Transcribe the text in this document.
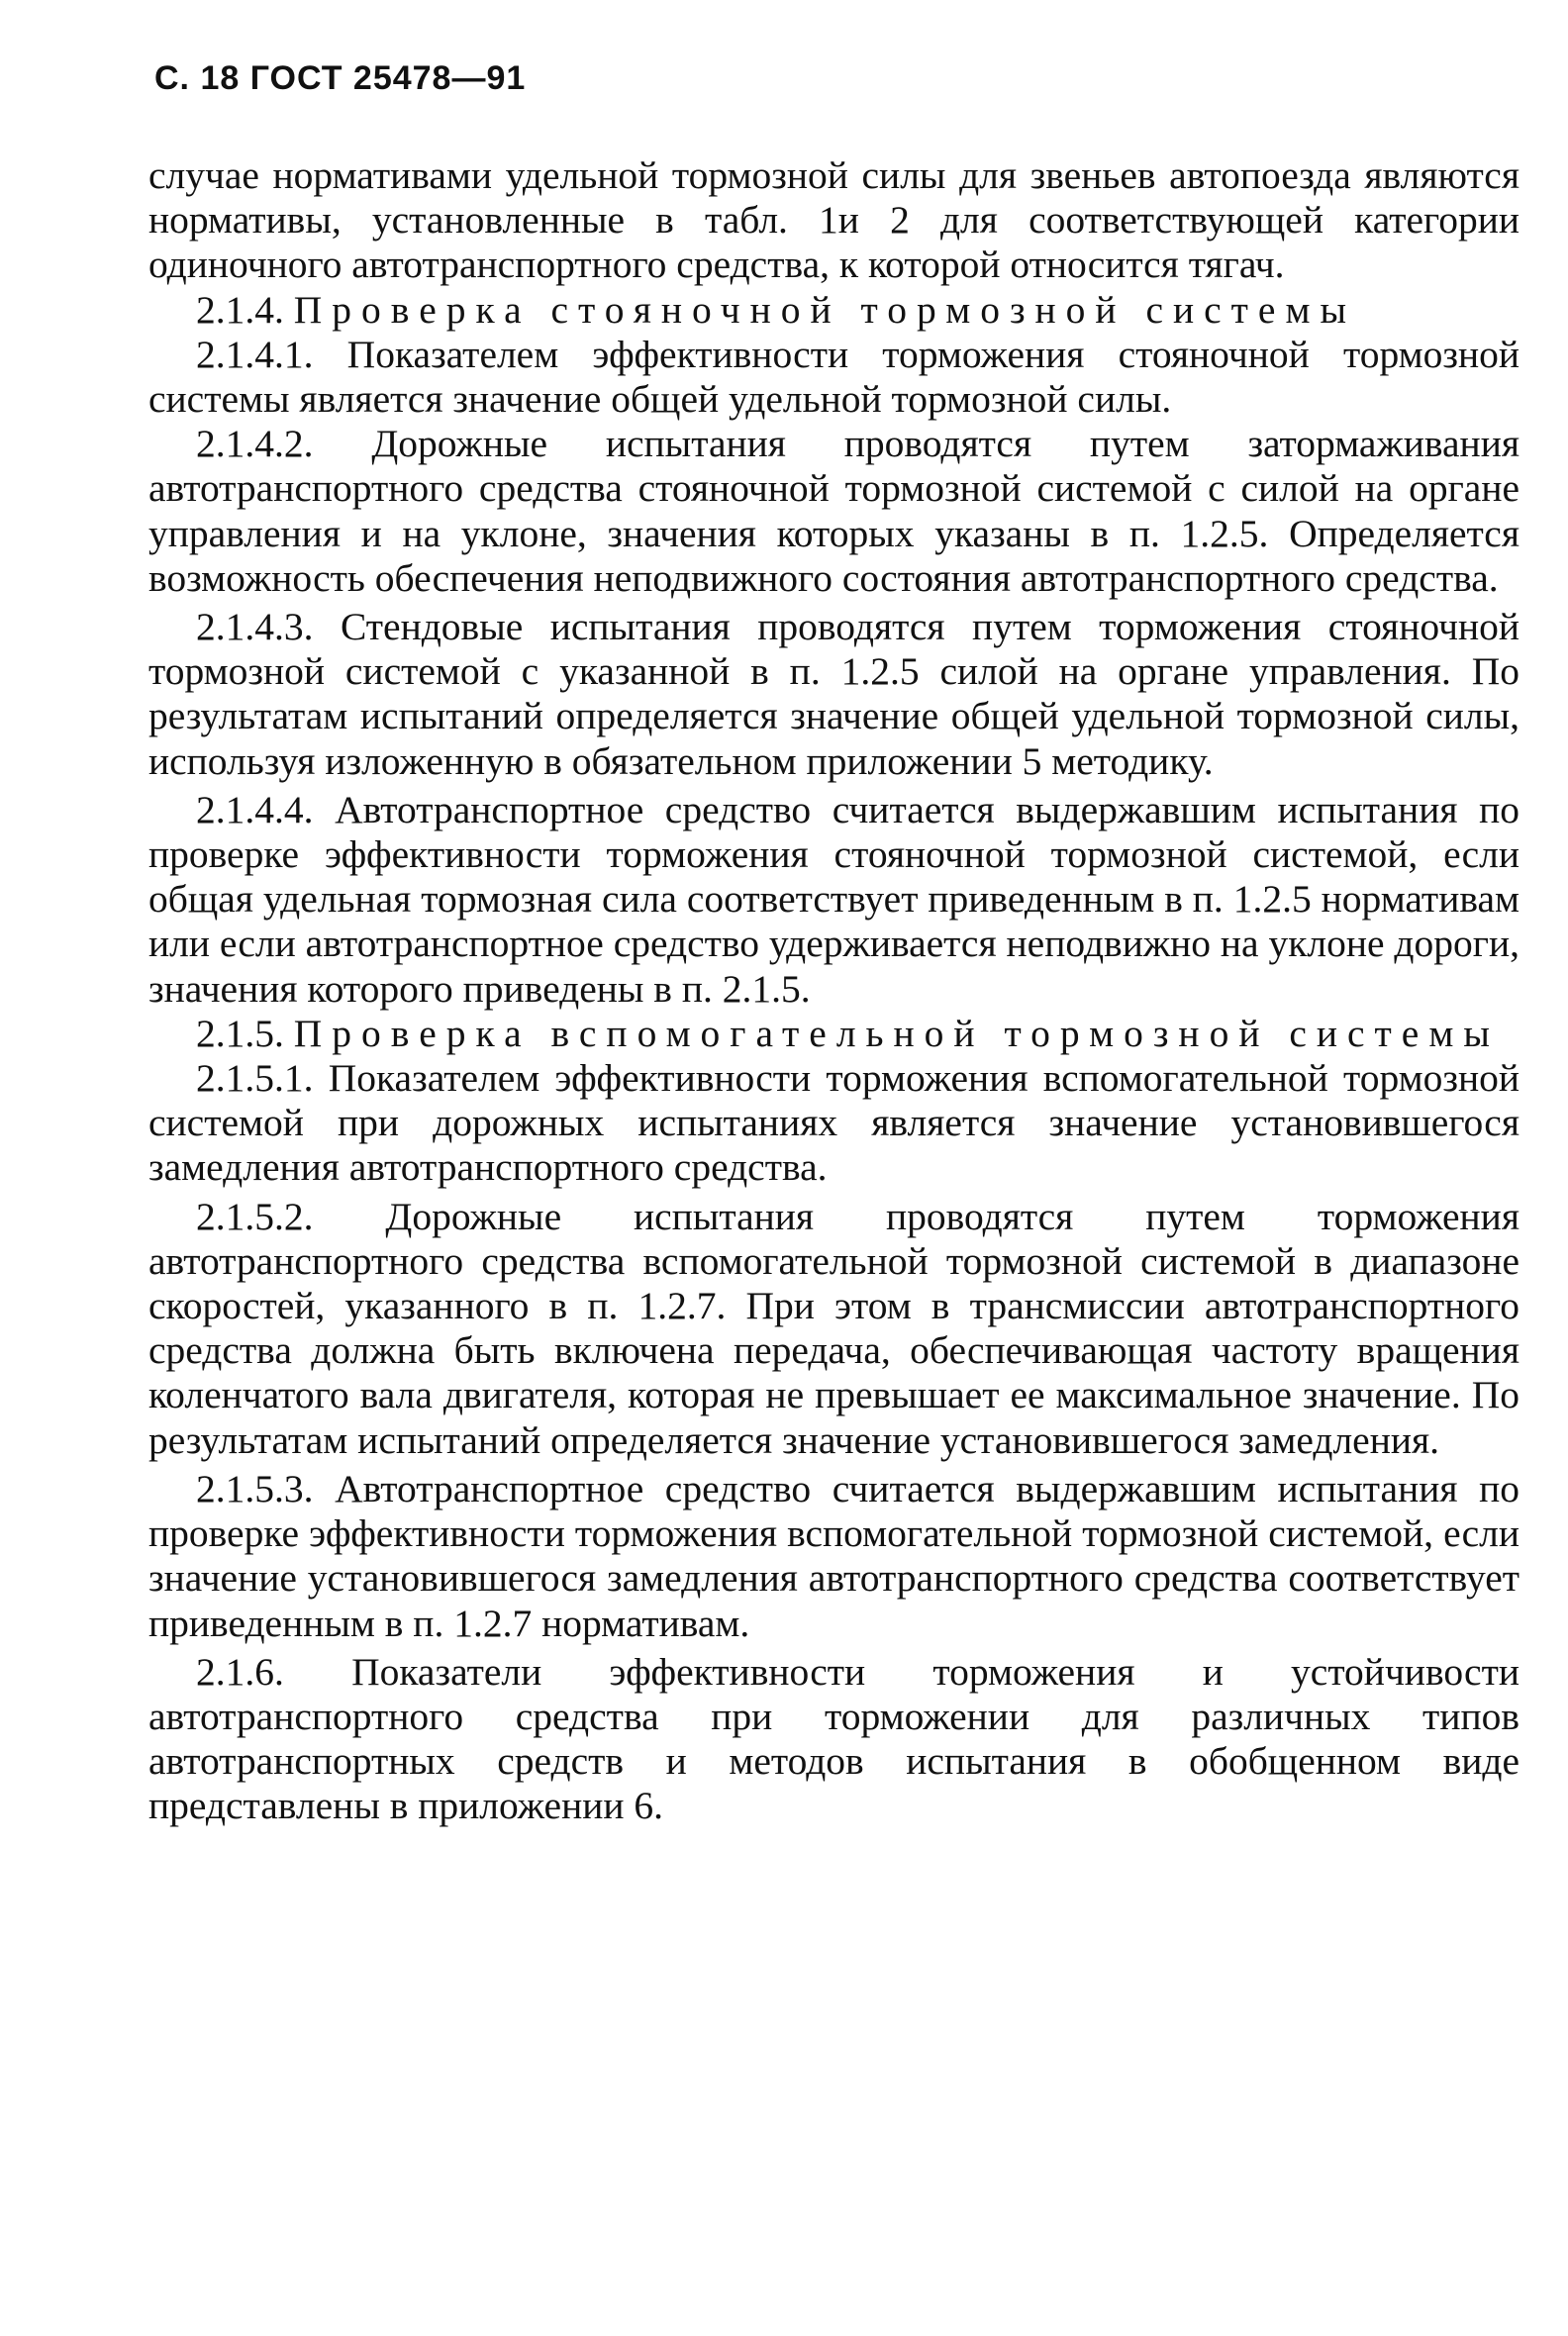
С. 18 ГОСТ 25478—91

случае нормативами удельной тормозной силы для звеньев автопоезда являются нормативы, установленные в табл. 1и 2 для соответствующей категории одиночного автотранспортного средства, к которой относится тягач.

2.1.4. Проверка стояночной тормозной системы

2.1.4.1. Показателем эффективности торможения стояночной тормозной системы является значение общей удельной тормозной силы.

2.1.4.2. Дорожные испытания проводятся путем затормаживания автотранспортного средства стояночной тормозной системой с силой на органе управления и на уклоне, значения которых указаны в п. 1.2.5. Определяется возможность обеспечения неподвижного состояния автотранспортного средства.

2.1.4.3. Стендовые испытания проводятся путем торможения стояночной тормозной системой с указанной в п. 1.2.5 силой на органе управления. По результатам испытаний определяется значение общей удельной тормозной силы, используя изложенную в обязательном приложении 5 методику.

2.1.4.4. Автотранспортное средство считается выдержавшим испытания по проверке эффективности торможения стояночной тормозной системой, если общая удельная тормозная сила соответствует приведенным в п. 1.2.5 нормативам или если автотранспортное средство удерживается неподвижно на уклоне дороги, значения которого приведены в п. 2.1.5.

2.1.5. Проверка вспомогательной тормозной системы

2.1.5.1. Показателем эффективности торможения вспомогательной тормозной системой при дорожных испытаниях является значение установившегося замедления автотранспортного средства.

2.1.5.2. Дорожные испытания проводятся путем торможения автотранспортного средства вспомогательной тормозной системой в диапазоне скоростей, указанного в п. 1.2.7. При этом в трансмиссии автотранспортного средства должна быть включена передача, обеспечивающая частоту вращения коленчатого вала двигателя, которая не превышает ее максимальное значение. По результатам испытаний определяется значение установившегося замедления.

2.1.5.3. Автотранспортное средство считается выдержавшим испытания по проверке эффективности торможения вспомогательной тормозной системой, если значение установившегося замедления автотранспортного средства соответствует приведенным в п. 1.2.7 нормативам.

2.1.6. Показатели эффективности торможения и устойчивости автотранспортного средства при торможении для различных типов автотранспортных средств и методов испытания в обобщенном виде представлены в приложении 6.
